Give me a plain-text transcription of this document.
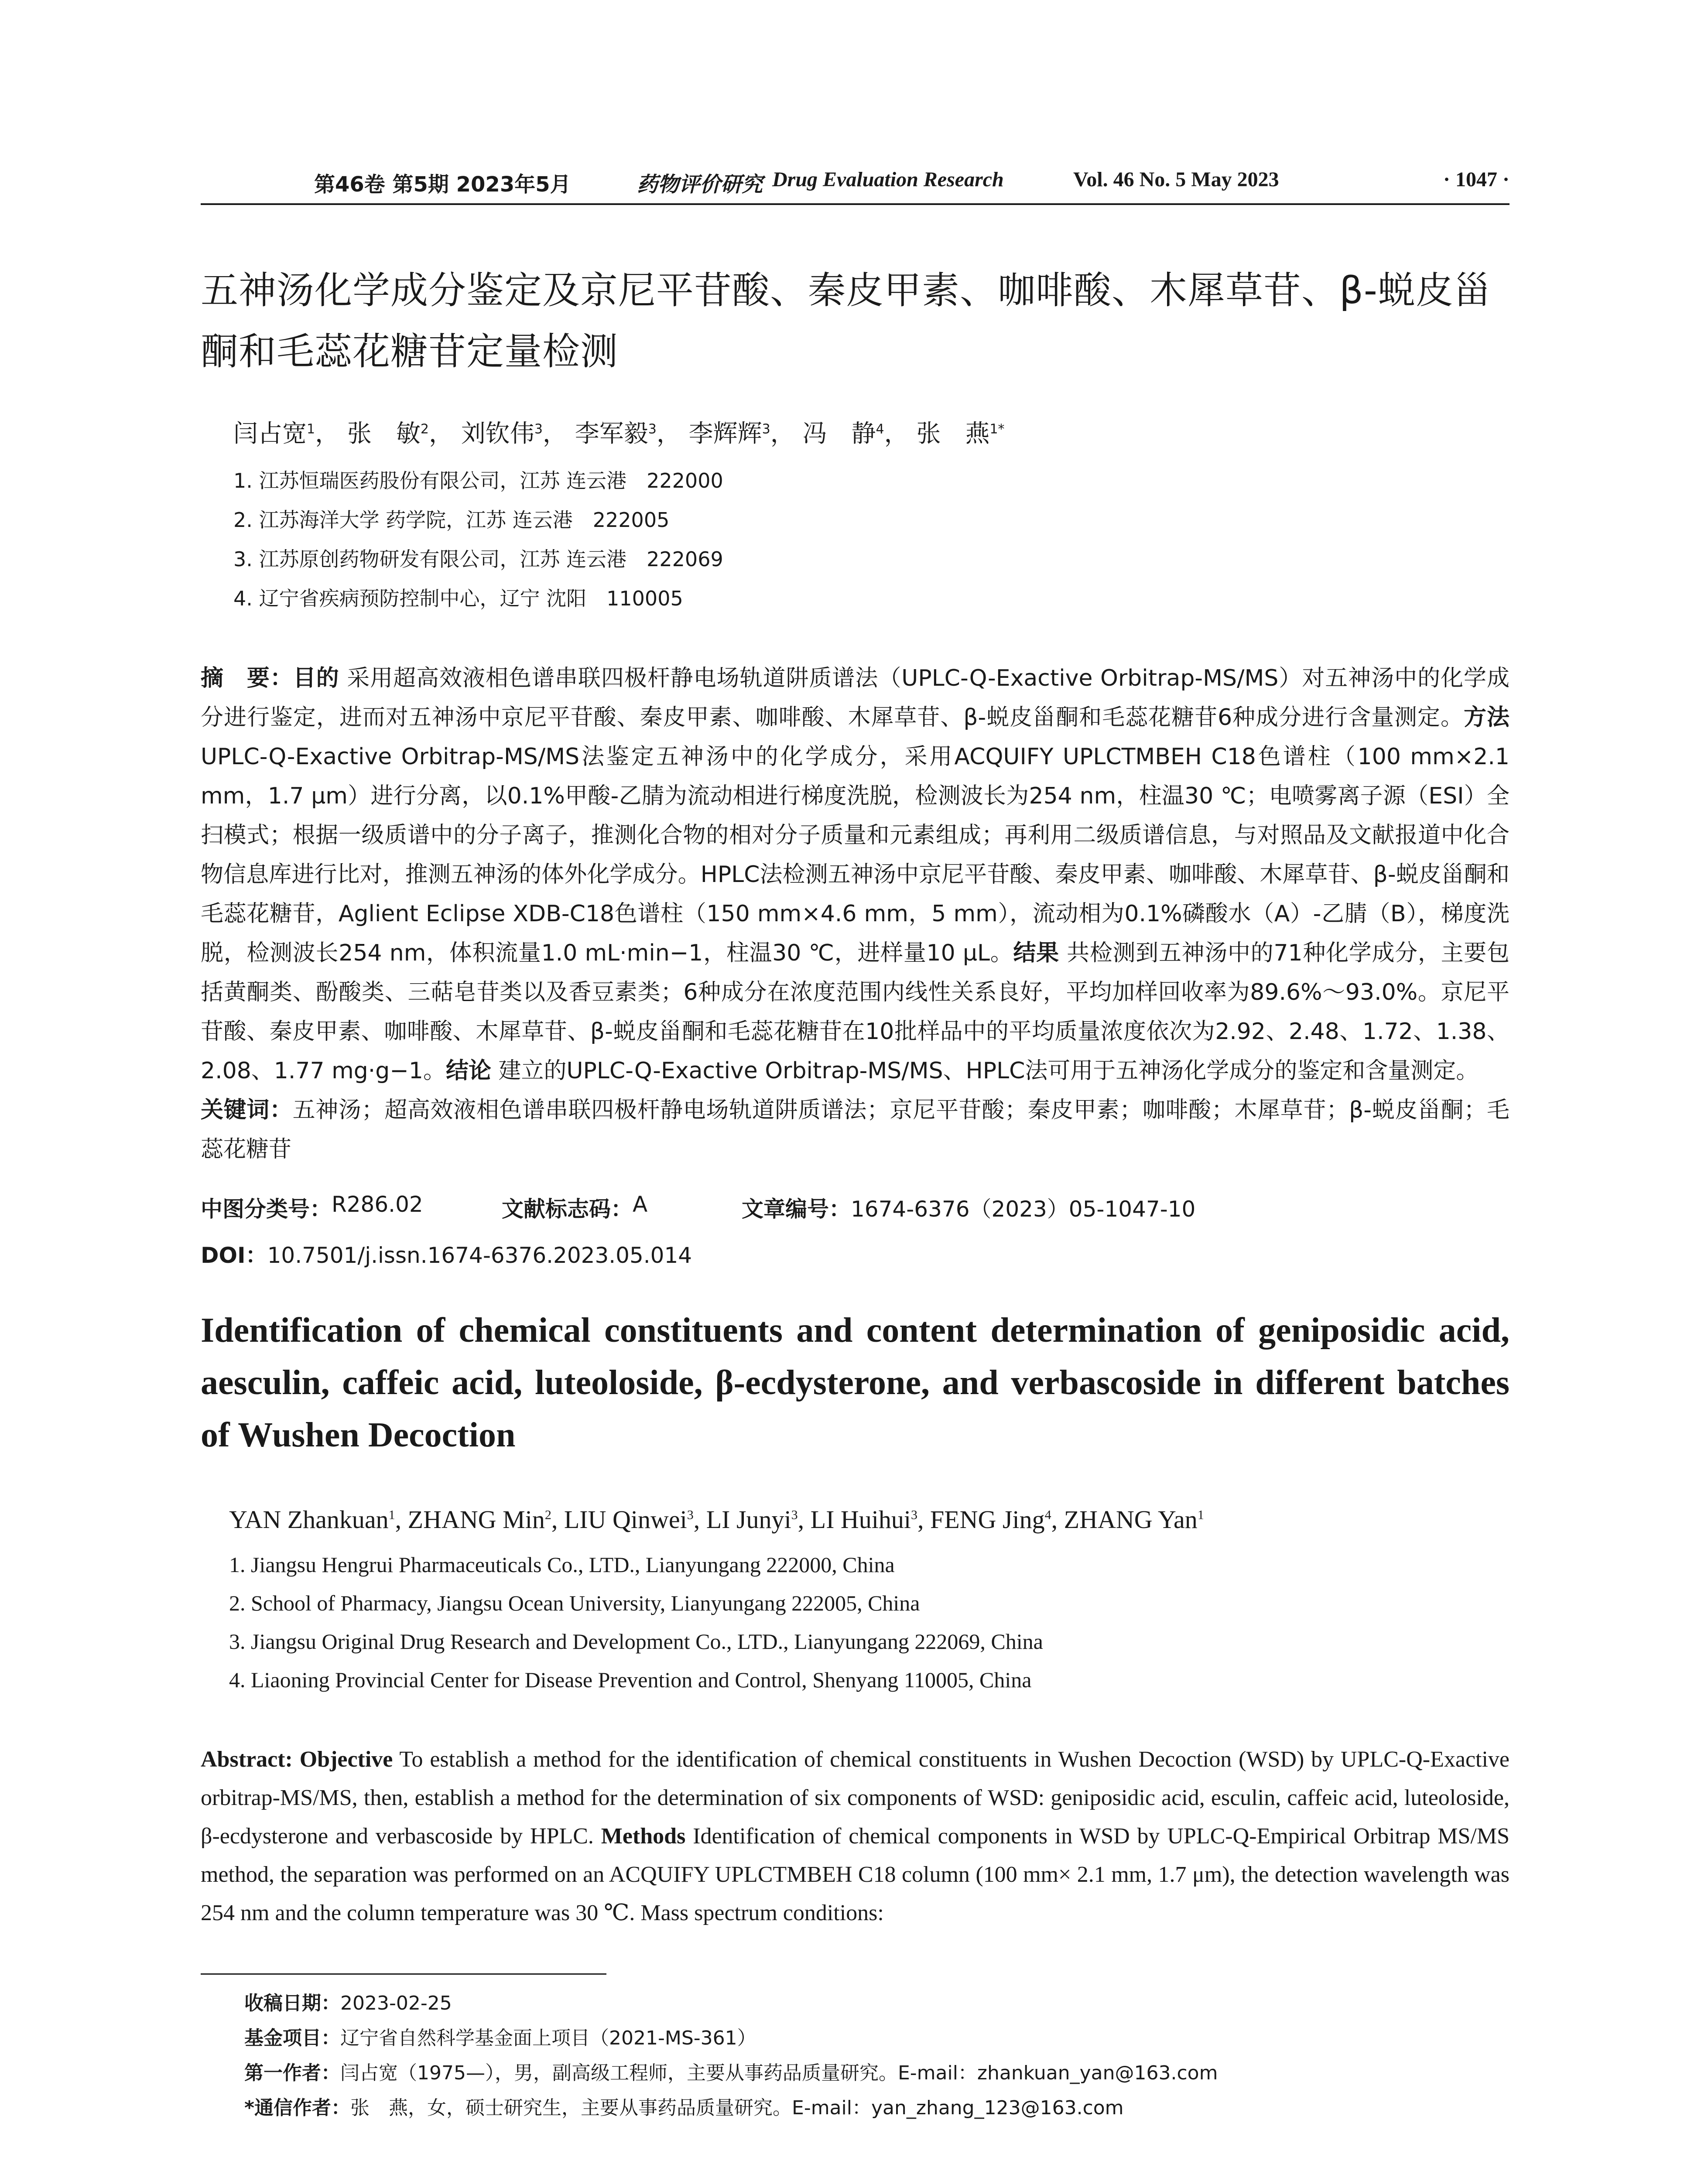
第46卷 第5期 2023年5月	药物评价研究 Drug Evaluation Research	Vol. 46 No. 5 May 2023	· 1047 ·
五神汤化学成分鉴定及京尼平苷酸、秦皮甲素、咖啡酸、木犀草苷、β-蜕皮甾酮和毛蕊花糖苷定量检测
闫占宽$^1$， 张　敏$^2$， 刘钦伟$^3$， 李军毅$^3$， 李辉辉$^3$， 冯　静$^4$， 张　燕$^{1*}$
1. 江苏恒瑞医药股份有限公司，江苏 连云港　222000
2. 江苏海洋大学 药学院，江苏 连云港　222005
3. 江苏原创药物研发有限公司，江苏 连云港　222069
4. 辽宁省疾病预防控制中心，辽宁 沈阳　110005
摘　要：目的 采用超高效液相色谱串联四极杆静电场轨道阱质谱法（UPLC-Q-Exactive Orbitrap-MS/MS）对五神汤中的化学成分进行鉴定，进而对五神汤中京尼平苷酸、秦皮甲素、咖啡酸、木犀草苷、β-蜕皮甾酮和毛蕊花糖苷6种成分进行含量测定。方法 UPLC-Q-Exactive Orbitrap-MS/MS法鉴定五神汤中的化学成分，采用ACQUIFY UPLCTMBEH C18色谱柱（100 mm×2.1 mm，1.7 μm）进行分离，以0.1%甲酸-乙腈为流动相进行梯度洗脱，检测波长为254 nm，柱温30 ℃；电喷雾离子源（ESI）全扫模式；根据一级质谱中的分子离子，推测化合物的相对分子质量和元素组成；再利用二级质谱信息，与对照品及文献报道中化合物信息库进行比对，推测五神汤的体外化学成分。HPLC法检测五神汤中京尼平苷酸、秦皮甲素、咖啡酸、木犀草苷、β-蜕皮甾酮和毛蕊花糖苷，Aglient Eclipse XDB-C18色谱柱（150 mm×4.6 mm，5 mm），流动相为0.1%磷酸水（A）-乙腈（B），梯度洗脱，检测波长254 nm，体积流量1.0 mL·min−1，柱温30 ℃，进样量10 μL。结果 共检测到五神汤中的71种化学成分，主要包括黄酮类、酚酸类、三萜皂苷类以及香豆素类；6种成分在浓度范围内线性关系良好，平均加样回收率为89.6%～93.0%。京尼平苷酸、秦皮甲素、咖啡酸、木犀草苷、β-蜕皮甾酮和毛蕊花糖苷在10批样品中的平均质量浓度依次为2.92、2.48、1.72、1.38、2.08、1.77 mg·g−1。结论 建立的UPLC-Q-Exactive Orbitrap-MS/MS、HPLC法可用于五神汤化学成分的鉴定和含量测定。
关键词：五神汤；超高效液相色谱串联四极杆静电场轨道阱质谱法；京尼平苷酸；秦皮甲素；咖啡酸；木犀草苷；β-蜕皮甾酮；毛蕊花糖苷
中图分类号： R286.02	文献标志码： A	文章编号： 1674-6376（2023）05-1047-10
DOI：10.7501/j.issn.1674-6376.2023.05.014
Identification of chemical constituents and content determination of geniposidic acid, aesculin, caffeic acid, luteoloside, β-ecdysterone, and verbascoside in different batches of Wushen Decoction
YAN Zhankuan$^1$, ZHANG Min$^2$, LIU Qinwei$^3$, LI Junyi$^3$, LI Huihui$^3$, FENG Jing$^4$, ZHANG Yan$^1$
1. Jiangsu Hengrui Pharmaceuticals Co., LTD., Lianyungang 222000, China
2. School of Pharmacy, Jiangsu Ocean University, Lianyungang 222005, China
3. Jiangsu Original Drug Research and Development Co., LTD., Lianyungang 222069, China
4. Liaoning Provincial Center for Disease Prevention and Control, Shenyang 110005, China
Abstract: Objective To establish a method for the identification of chemical constituents in Wushen Decoction (WSD) by UPLC-Q-Exactive orbitrap-MS/MS, then, establish a method for the determination of six components of WSD: geniposidic acid, esculin, caffeic acid, luteoloside, β-ecdysterone and verbascoside by HPLC. Methods Identification of chemical components in WSD by UPLC-Q-Empirical Orbitrap MS/MS method, the separation was performed on an ACQUIFY UPLCTMBEH C18 column (100 mm× 2.1 mm, 1.7 μm), the detection wavelength was 254 nm and the column temperature was 30 ℃. Mass spectrum conditions:
收稿日期：2023-02-25
基金项目：辽宁省自然科学基金面上项目（2021-MS-361）
第一作者：闫占宽（1975—），男，副高级工程师，主要从事药品质量研究。E-mail：zhankuan_yan@163.com
*通信作者：张　燕，女，硕士研究生，主要从事药品质量研究。E-mail：yan_zhang_123@163.com
